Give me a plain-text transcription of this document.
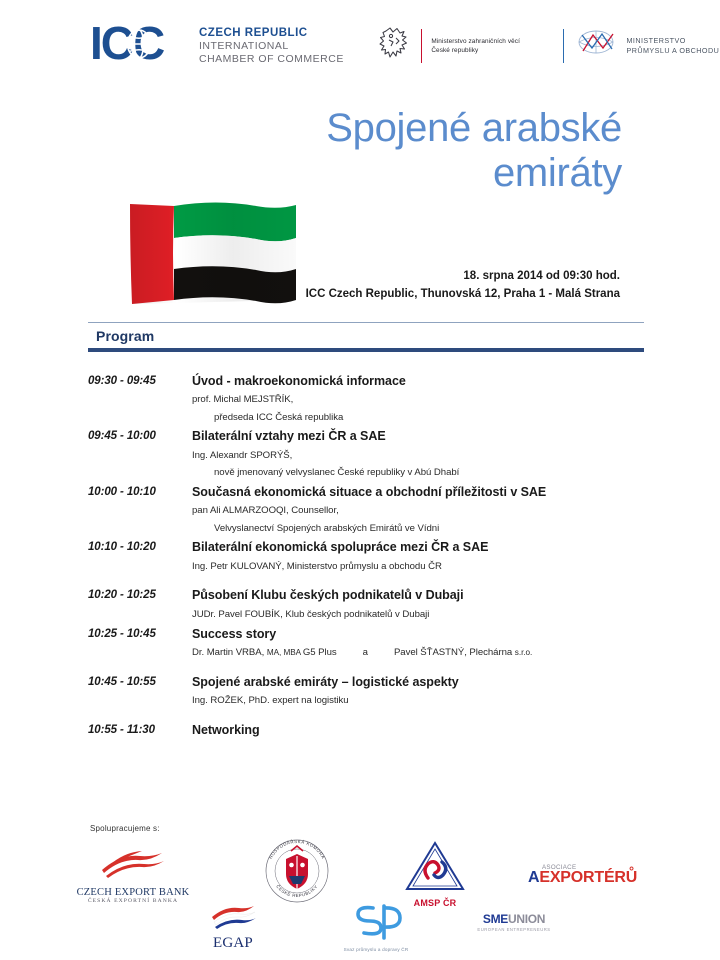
ICC	CZECH REPUBLIC
INTERNATIONAL
CHAMBER OF COMMERCE
Ministerstvo zahraničních věcí
České republiky
MINISTERSTVO
PRŮMYSLU A OBCHODU
Spojené arabské
emiráty
18. srpna 2014 od 09:30 hod.
ICC Czech Republic, Thunovská 12, Praha 1 - Malá Strana
Program
09:30 - 09:45	Úvod - makroekonomická informace
prof. Michal MEJSTŘÍK,
předseda ICC Česká republika
09:45 - 10:00	Bilaterální vztahy mezi ČR a SAE
Ing. Alexandr SPORÝŠ,
nově jmenovaný velvyslanec České republiky v Abú Dhabí
10:00 - 10:10	Současná ekonomická situace a obchodní příležitosti v SAE
pan Ali ALMARZOOQI, Counsellor,
Velvyslanectví Spojených arabských Emirátů ve Vídni
10:10 - 10:20	Bilaterální ekonomická spolupráce mezi ČR a SAE
Ing. Petr KULOVANÝ, Ministerstvo průmyslu a obchodu ČR
10:20 - 10:25	Působení Klubu českých podnikatelů v Dubaji
JUDr. Pavel FOUBÍK, Klub českých podnikatelů v Dubaji
10:25 - 10:45	Success story
Dr. Martin VRBA, MA, MBA G5 Plus	a	Pavel ŠŤASTNÝ, Plechárna s.r.o.
10:45 - 10:55	Spojené arabské emiráty – logistické aspekty
Ing. ROŽEK, PhD. expert na logistiku
10:55 - 11:30	Networking
Spolupracujeme s:
CZECH EXPORT BANK
ČESKÁ EXPORTNÍ BANKA
HOSPODÁŘSKÁ KOMORA
ČESKÉ REPUBLIKY
AMSP ČR
ASOCIACE
AEXPORTÉRŮ
EGAP	Svaz průmyslu a dopravy ČR
SMEUNION
EUROPEAN ENTREPRENEURS
